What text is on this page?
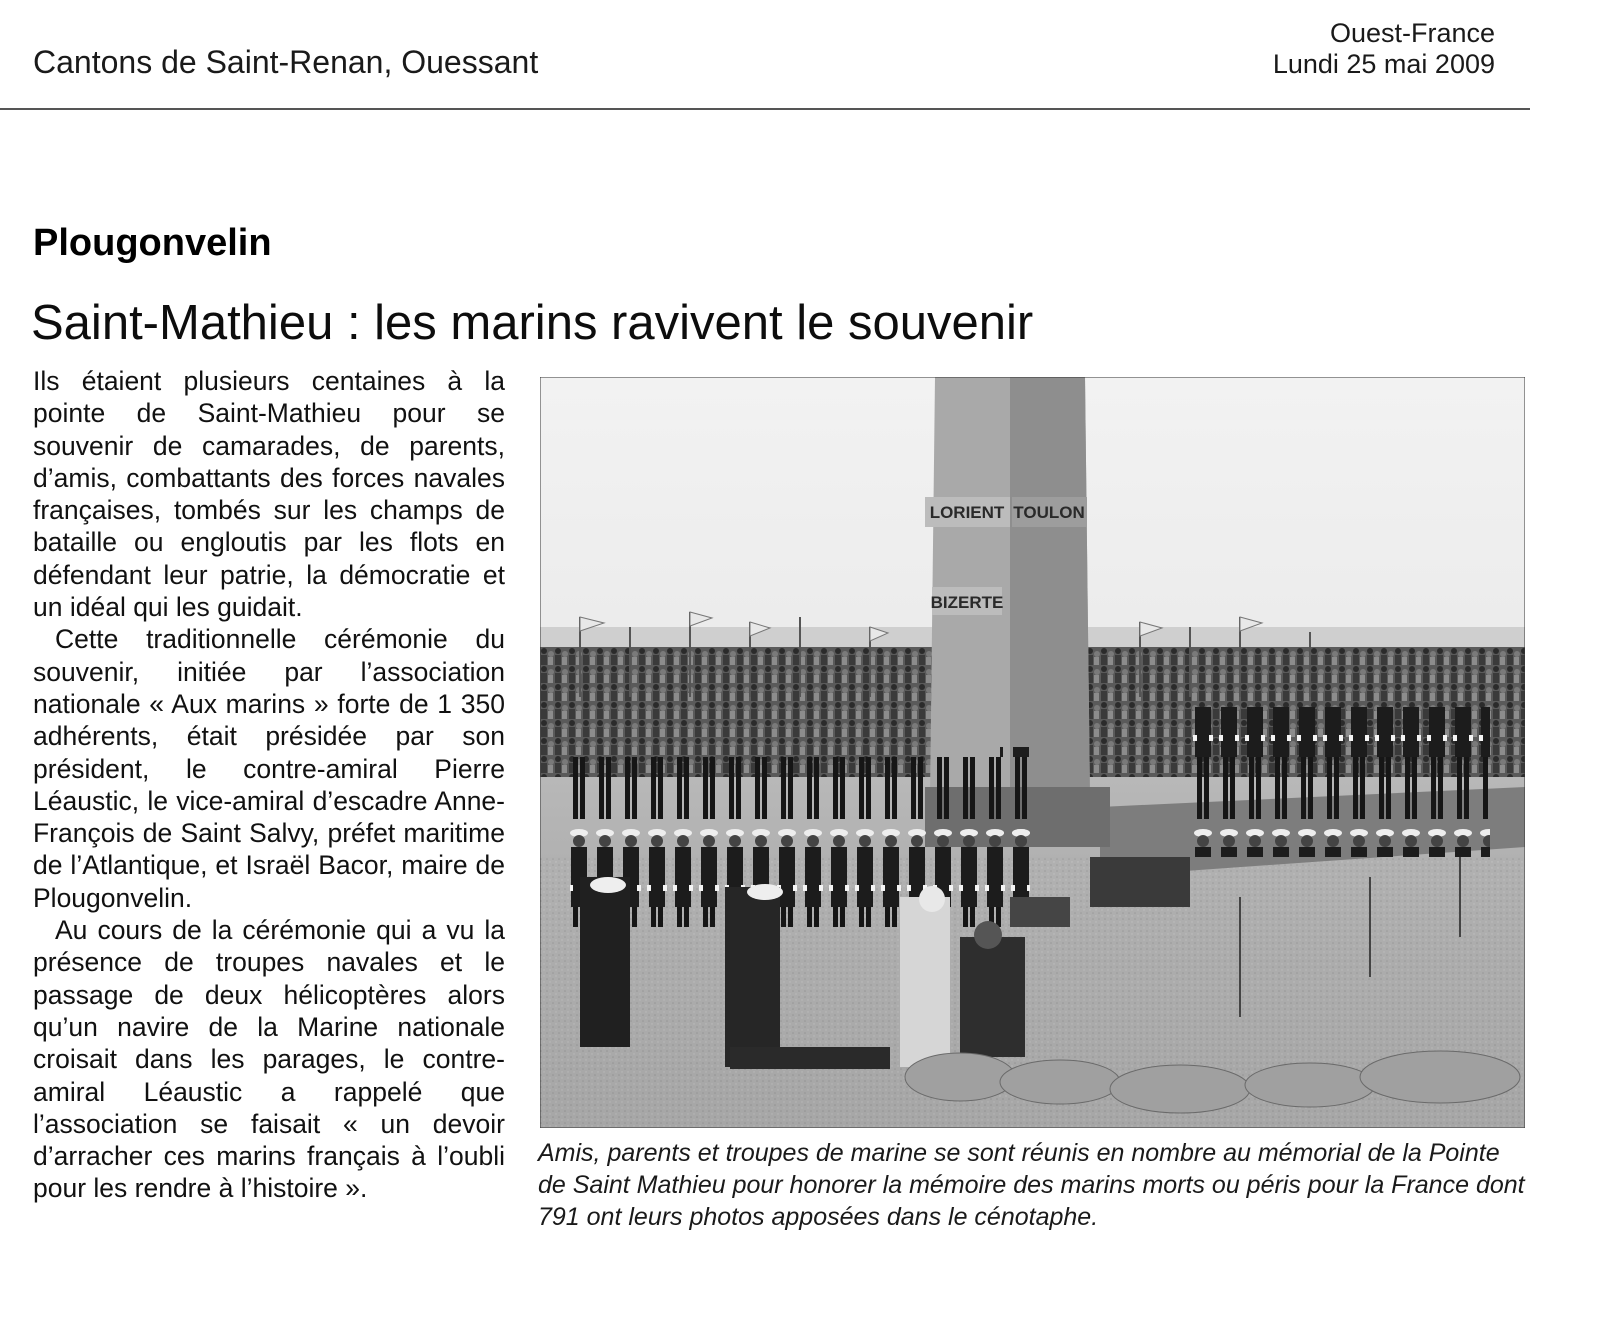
Cantons de Saint-Renan, Ouessant
Ouest-France
Lundi 25 mai 2009
Plougonvelin
Saint-Mathieu : les marins ravivent le souvenir

Ils étaient plusieurs centaines à la pointe de Saint-Mathieu pour se souvenir de camarades, de parents, d’amis, combattants des forces navales françaises, tombés sur les champs de bataille ou engloutis par les flots en défendant leur patrie, la démocratie et un idéal qui les guidait.

Cette traditionnelle cérémonie du souvenir, initiée par l’association nationale « Aux marins » forte de 1 350 adhérents, était présidée par son président, le contre-amiral Pierre Léaustic, le vice-amiral d’escadre Anne-François de Saint Salvy, préfet maritime de l’Atlantique, et Israël Bacor, maire de Plougonvelin.

Au cours de la cérémonie qui a vu la présence de troupes navales et le passage de deux hélicoptères alors qu’un navire de la Marine nationale croisait dans les parages, le contre-amiral Léaustic a rappelé que l’association se faisait « un devoir d’arracher ces marins français à l’oubli pour les rendre à l’histoire ».

LORIENT TOULON
BIZERTE
Amis, parents et troupes de marine se sont réunis en nombre au mémorial de la Pointe de Saint Mathieu pour honorer la mémoire des marins morts ou péris pour la France dont 791 ont leurs photos apposées dans le cénotaphe.
